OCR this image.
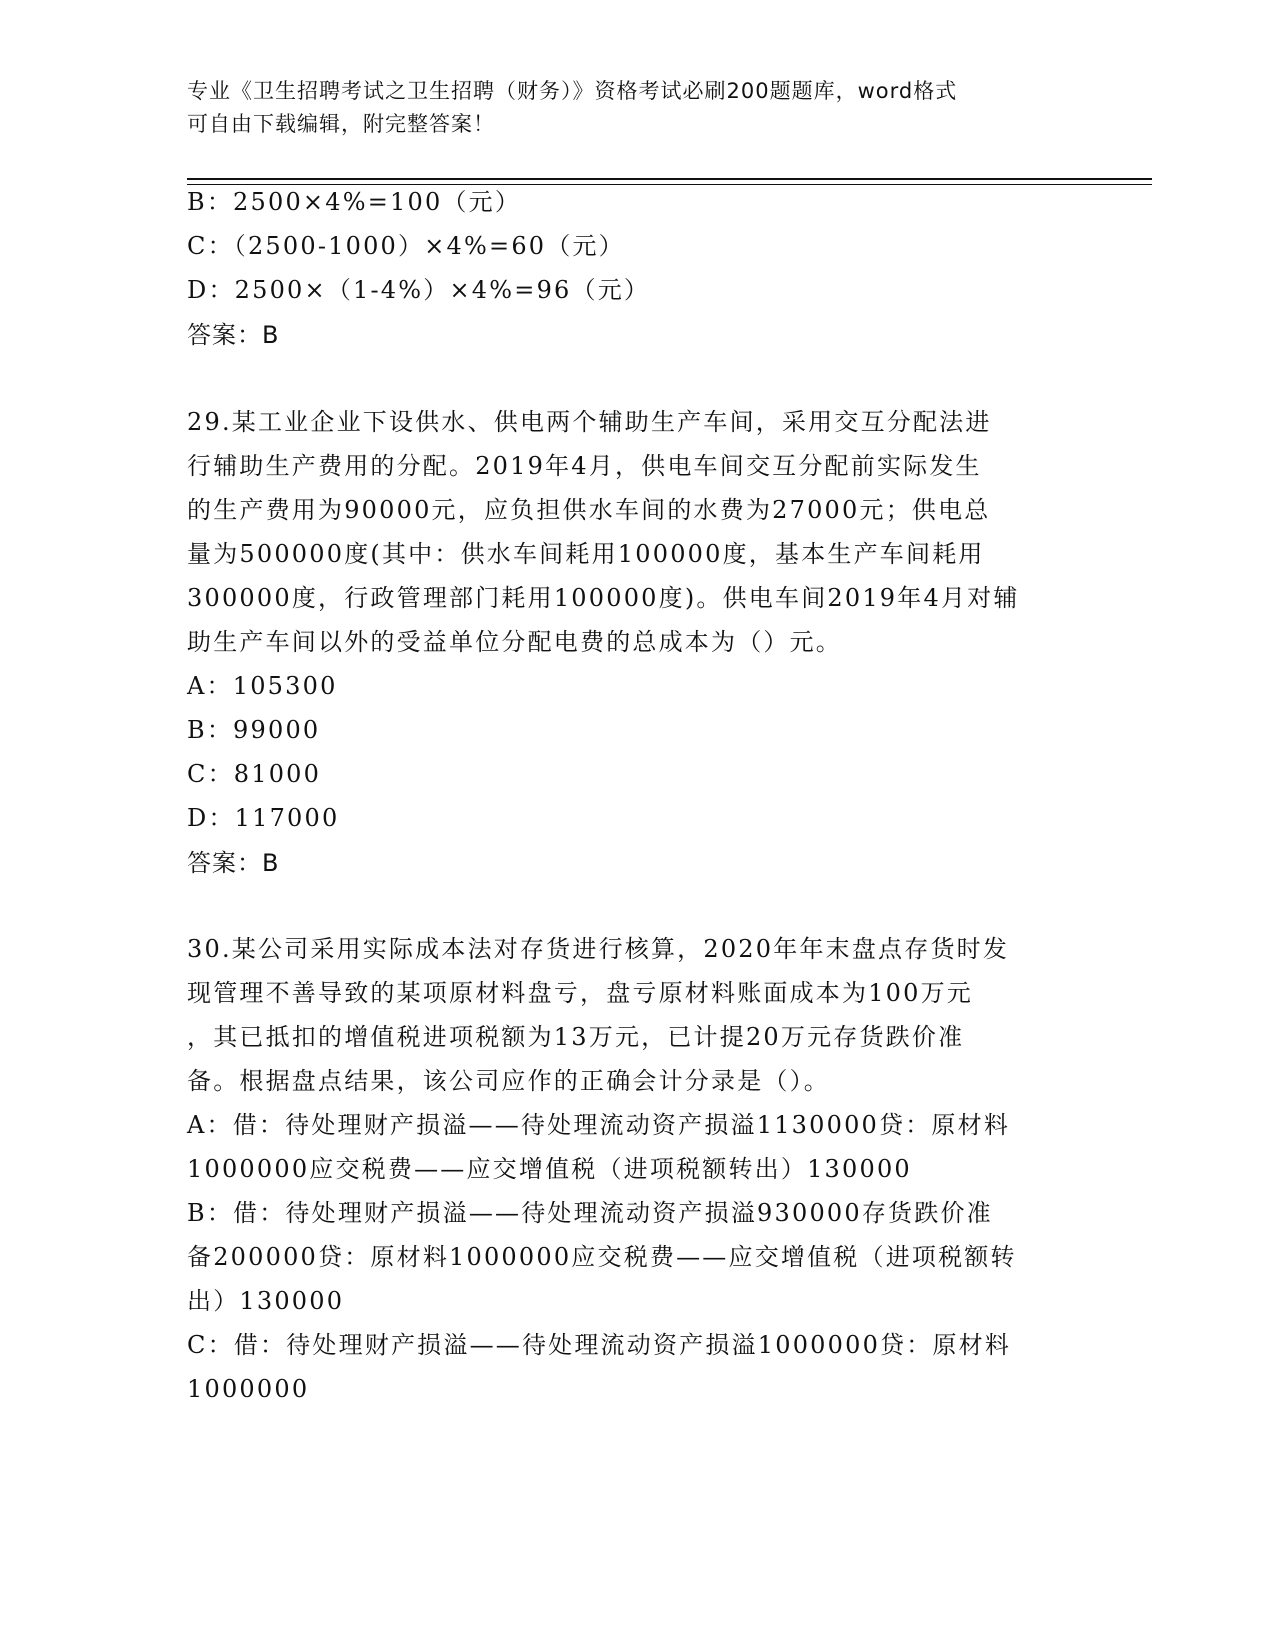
专业《卫生招聘考试之卫生招聘（财务）》资格考试必刷200题题库，word格式
可自由下载编辑，附完整答案！
B：2500×4%=100（元）
C：（2500-1000）×4%=60（元）
D：2500×（1-4%）×4%=96（元）
答案：B
29.某工业企业下设供水、供电两个辅助生产车间，采用交互分配法进
行辅助生产费用的分配。2019年4月，供电车间交互分配前实际发生
的生产费用为90000元，应负担供水车间的水费为27000元；供电总
量为500000度(其中：供水车间耗用100000度，基本生产车间耗用
300000度，行政管理部门耗用100000度)。供电车间2019年4月对辅
助生产车间以外的受益单位分配电费的总成本为（）元。
A：105300
B：99000
C：81000
D：117000
答案：B
30.某公司采用实际成本法对存货进行核算，2020年年末盘点存货时发
现管理不善导致的某项原材料盘亏，盘亏原材料账面成本为100万元
，其已抵扣的增值税进项税额为13万元，已计提20万元存货跌价准
备。根据盘点结果，该公司应作的正确会计分录是（）。
A：借：待处理财产损溢——待处理流动资产损溢1130000贷：原材料
1000000应交税费——应交增值税（进项税额转出）130000
B：借：待处理财产损溢——待处理流动资产损溢930000存货跌价准
备200000贷：原材料1000000应交税费——应交增值税（进项税额转
出）130000
C：借：待处理财产损溢——待处理流动资产损溢1000000贷：原材料
1000000
